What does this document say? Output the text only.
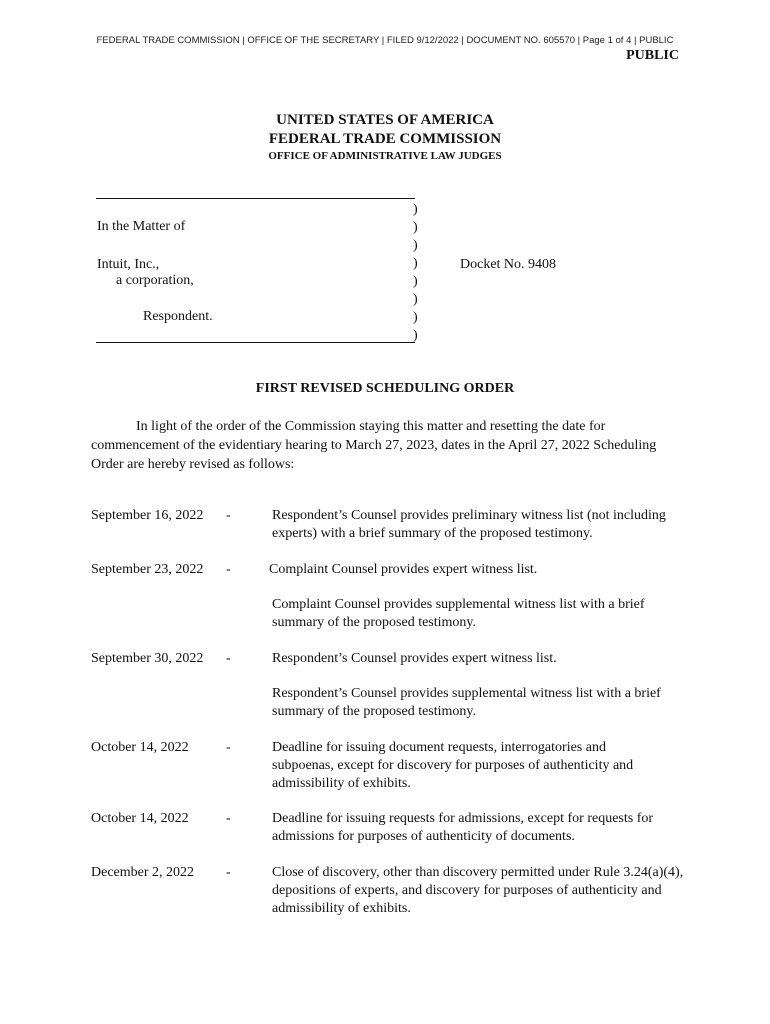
FEDERAL TRADE COMMISSION | OFFICE OF THE SECRETARY | FILED 9/12/2022 | DOCUMENT NO. 605570 | Page 1 of 4 | PUBLIC
PUBLIC
UNITED STATES OF AMERICA
FEDERAL TRADE COMMISSION
OFFICE OF ADMINISTRATIVE LAW JUDGES
)
)
)
)
)
)
)
)
In the Matter of
Intuit, Inc.,
a corporation,
Respondent.
Docket No. 9408
FIRST REVISED SCHEDULING ORDER
In light of the order of the Commission staying this matter and resetting the date for commencement of the evidentiary hearing to March 27, 2023, dates in the April 27, 2022 Scheduling Order are hereby revised as follows:
September 16, 2022 -	Respondent’s Counsel provides preliminary witness list (not including experts) with a brief summary of the proposed testimony.
September 23, 2022 -	Complaint Counsel provides expert witness list.
Complaint Counsel provides supplemental witness list with a brief summary of the proposed testimony.
September 30, 2022 -	Respondent’s Counsel provides expert witness list.
Respondent’s Counsel provides supplemental witness list with a brief summary of the proposed testimony.
October 14, 2022	-	Deadline for issuing document requests, interrogatories and subpoenas, except for discovery for purposes of authenticity and admissibility of exhibits.
October 14, 2022	-	Deadline for issuing requests for admissions, except for requests for admissions for purposes of authenticity of documents.
December 2, 2022 -	Close of discovery, other than discovery permitted under Rule 3.24(a)(4), depositions of experts, and discovery for purposes of authenticity and admissibility of exhibits.
